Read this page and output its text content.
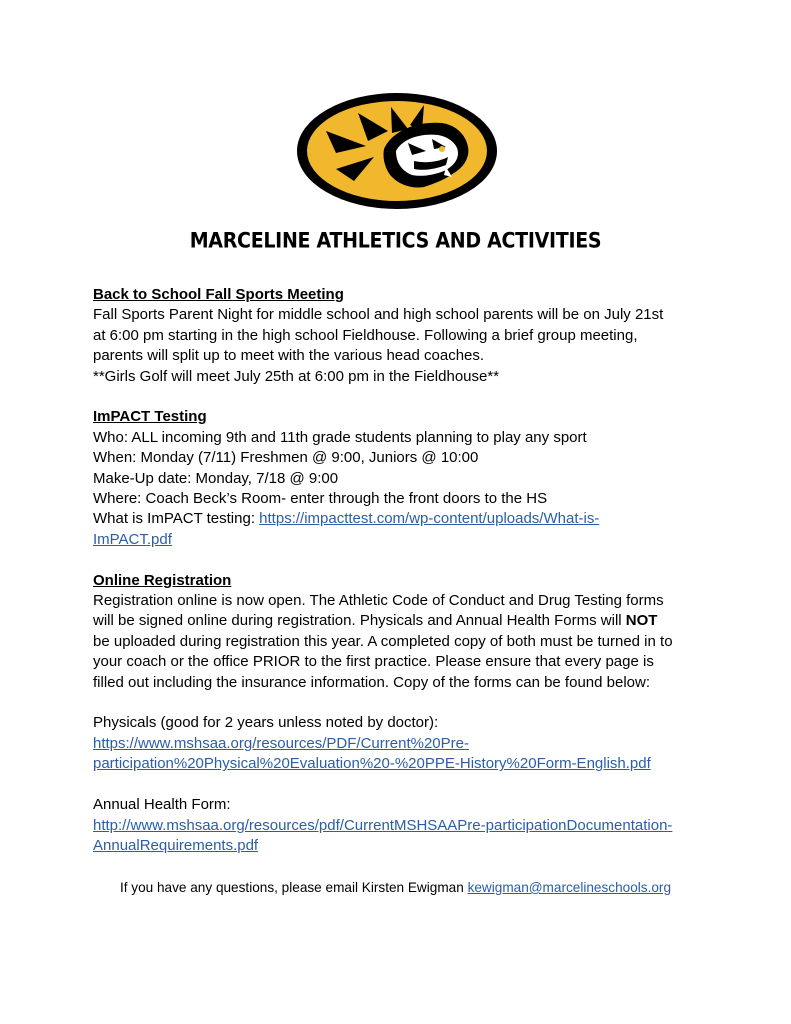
MARCELINE ATHLETICS AND ACTIVITIES
Back to School Fall Sports Meeting
Fall Sports Parent Night for middle school and high school parents will be on July 21st
at 6:00 pm starting in the high school Fieldhouse. Following a brief group meeting,
parents will split up to meet with the various head coaches.
**Girls Golf will meet July 25th at 6:00 pm in the Fieldhouse**
ImPACT Testing
Who: ALL incoming 9th and 11th grade students planning to play any sport
When: Monday (7/11) Freshmen @ 9:00, Juniors @ 10:00
Make-Up date: Monday, 7/18 @ 9:00
Where: Coach Beck’s Room- enter through the front doors to the HS
What is ImPACT testing: https://impacttest.com/wp-content/uploads/What-is-
ImPACT.pdf
Online Registration
Registration online is now open. The Athletic Code of Conduct and Drug Testing forms
will be signed online during registration. Physicals and Annual Health Forms will NOT
be uploaded during registration this year. A completed copy of both must be turned in to
your coach or the office PRIOR to the first practice. Please ensure that every page is
filled out including the insurance information. Copy of the forms can be found below:
Physicals (good for 2 years unless noted by doctor):
https://www.mshsaa.org/resources/PDF/Current%20Pre-
participation%20Physical%20Evaluation%20-%20PPE-History%20Form-English.pdf
Annual Health Form:
http://www.mshsaa.org/resources/pdf/CurrentMSHSAAPre-participationDocumentation-
AnnualRequirements.pdf
If you have any questions, please email Kirsten Ewigman kewigman@marcelineschools.org
